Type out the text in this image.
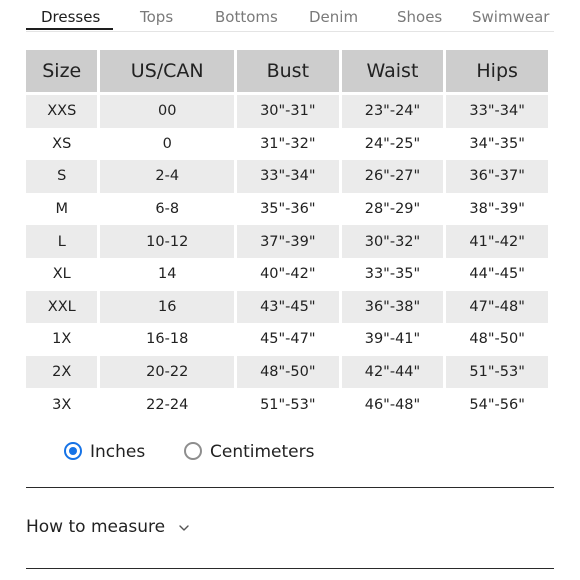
Dresses	Tops	Bottoms Denim	Shoes Swimwear
Size	US/CAN	Bust	Waist	Hips
XXS	00	30"-31"	23"-24"	33"-34"
XS	0	31"-32"	24"-25"	34"-35"
S	2-4	33"-34"	26"-27"	36"-37"
M	6-8	35"-36"	28"-29"	38"-39"
L	10-12	37"-39"	30"-32"	41"-42"
XL	14	40"-42"	33"-35"	44"-45"
XXL	16	43"-45"	36"-38"	47"-48"
1X	16-18	45"-47"	39"-41"	48"-50"
2X	20-22	48"-50"	42"-44"	51"-53"
3X	22-24	51"-53"	46"-48"	54"-56"
Inches	Centimeters
How to measure
